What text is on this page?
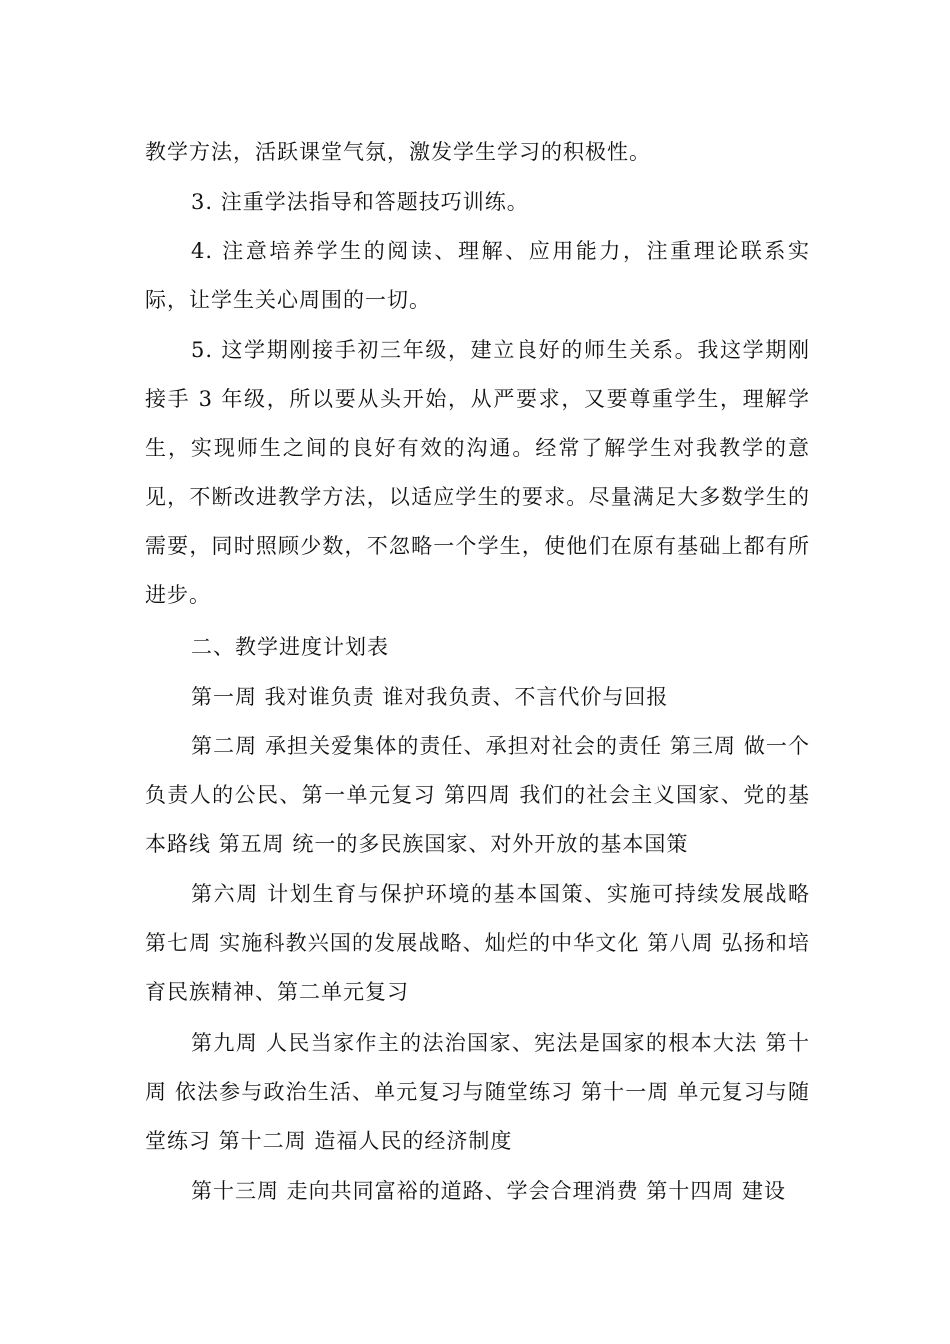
教学方法，活跃课堂气氛，激发学生学习的积极性。

3. 注重学法指导和答题技巧训练。

4. 注意培养学生的阅读、理解、应用能力，注重理论联系实际，让学生关心周围的一切。

5. 这学期刚接手初三年级，建立良好的师生关系。我这学期刚接手 3 年级，所以要从头开始，从严要求，又要尊重学生，理解学生，实现师生之间的良好有效的沟通。经常了解学生对我教学的意见，不断改进教学方法，以适应学生的要求。尽量满足大多数学生的需要，同时照顾少数，不忽略一个学生，使他们在原有基础上都有所进步。

二、教学进度计划表

第一周 我对谁负责 谁对我负责、不言代价与回报

第二周 承担关爱集体的责任、承担对社会的责任 第三周 做一个负责人的公民、第一单元复习 第四周 我们的社会主义国家、党的基本路线 第五周 统一的多民族国家、对外开放的基本国策

第六周 计划生育与保护环境的基本国策、实施可持续发展战略第七周 实施科教兴国的发展战略、灿烂的中华文化 第八周 弘扬和培育民族精神、第二单元复习

第九周 人民当家作主的法治国家、宪法是国家的根本大法 第十周 依法参与政治生活、单元复习与随堂练习 第十一周 单元复习与随堂练习 第十二周 造福人民的经济制度

第十三周 走向共同富裕的道路、学会合理消费 第十四周 建设
